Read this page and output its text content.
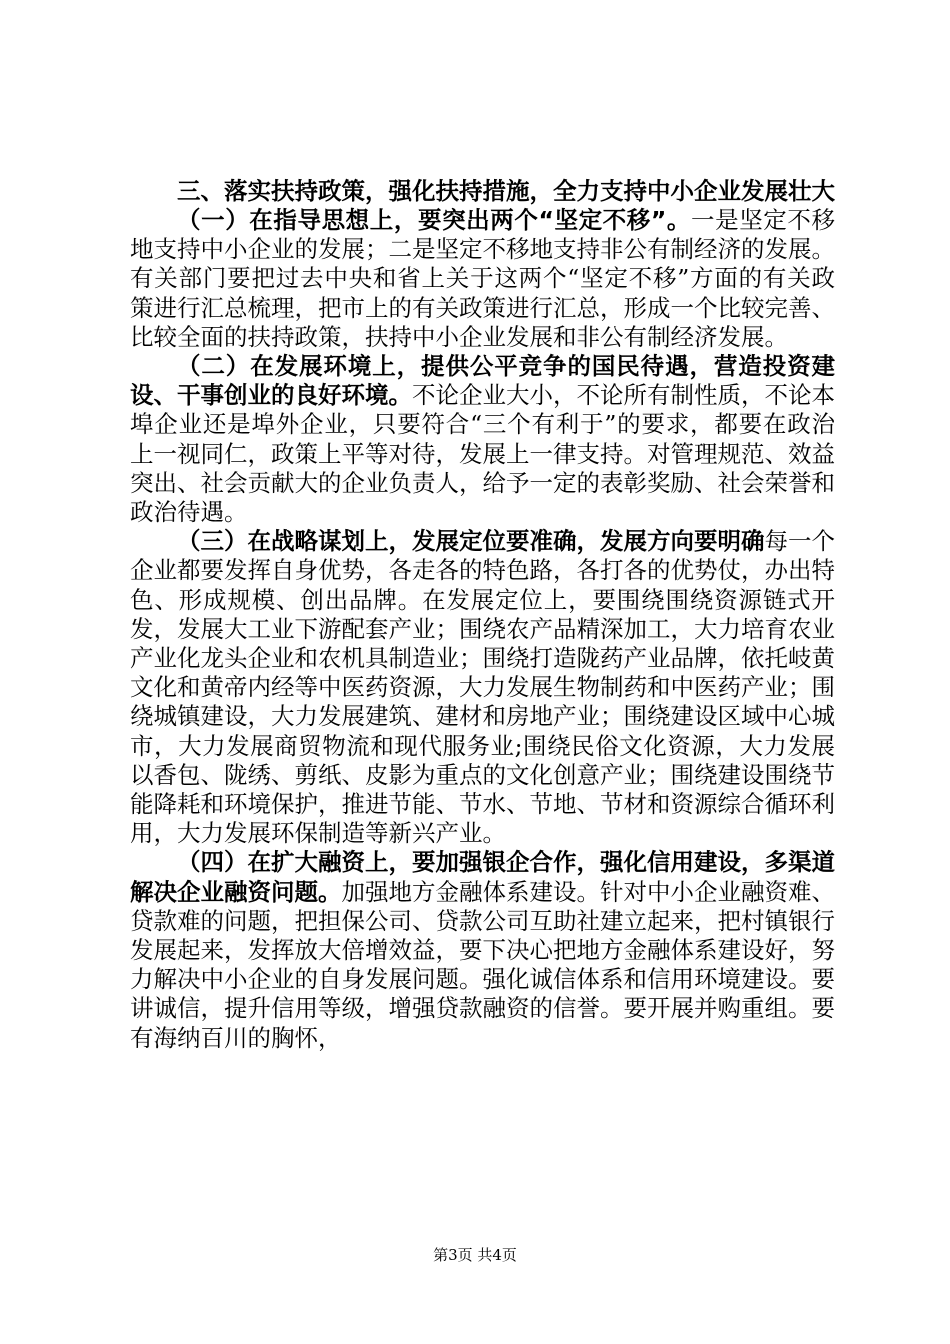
三、落实扶持政策，强化扶持措施，全力支持中小企业发展壮大

（一）在指导思想上，要突出两个“坚定不移”。一是坚定不移地支持中小企业的发展；二是坚定不移地支持非公有制经济的发展。有关部门要把过去中央和省上关于这两个“坚定不移”方面的有关政策进行汇总梳理，把市上的有关政策进行汇总，形成一个比较完善、比较全面的扶持政策，扶持中小企业发展和非公有制经济发展。

（二）在发展环境上，提供公平竞争的国民待遇，营造投资建设、干事创业的良好环境。不论企业大小，不论所有制性质，不论本埠企业还是埠外企业，只要符合“三个有利于”的要求，都要在政治上一视同仁，政策上平等对待，发展上一律支持。对管理规范、效益突出、社会贡献大的企业负责人，给予一定的表彰奖励、社会荣誉和政治待遇。

（三）在战略谋划上，发展定位要准确，发展方向要明确每一个企业都要发挥自身优势，各走各的特色路，各打各的优势仗，办出特色、形成规模、创出品牌。在发展定位上，要围绕围绕资源链式开发，发展大工业下游配套产业；围绕农产品精深加工，大力培育农业产业化龙头企业和农机具制造业；围绕打造陇药产业品牌，依托岐黄文化和黄帝内经等中医药资源，大力发展生物制药和中医药产业；围绕城镇建设，大力发展建筑、建材和房地产业；围绕建设区域中心城市，大力发展商贸物流和现代服务业;围绕民俗文化资源，大力发展以香包、陇绣、剪纸、皮影为重点的文化创意产业；围绕建设围绕节能降耗和环境保护，推进节能、节水、节地、节材和资源综合循环利用，大力发展环保制造等新兴产业。

（四）在扩大融资上，要加强银企合作，强化信用建设，多渠道解决企业融资问题。加强地方金融体系建设。针对中小企业融资难、贷款难的问题，把担保公司、贷款公司互助社建立起来，把村镇银行发展起来，发挥放大倍增效益，要下决心把地方金融体系建设好，努力解决中小企业的自身发展问题。强化诚信体系和信用环境建设。要讲诚信，提升信用等级，增强贷款融资的信誉。要开展并购重组。要有海纳百川的胸怀，

第3页 共4页
